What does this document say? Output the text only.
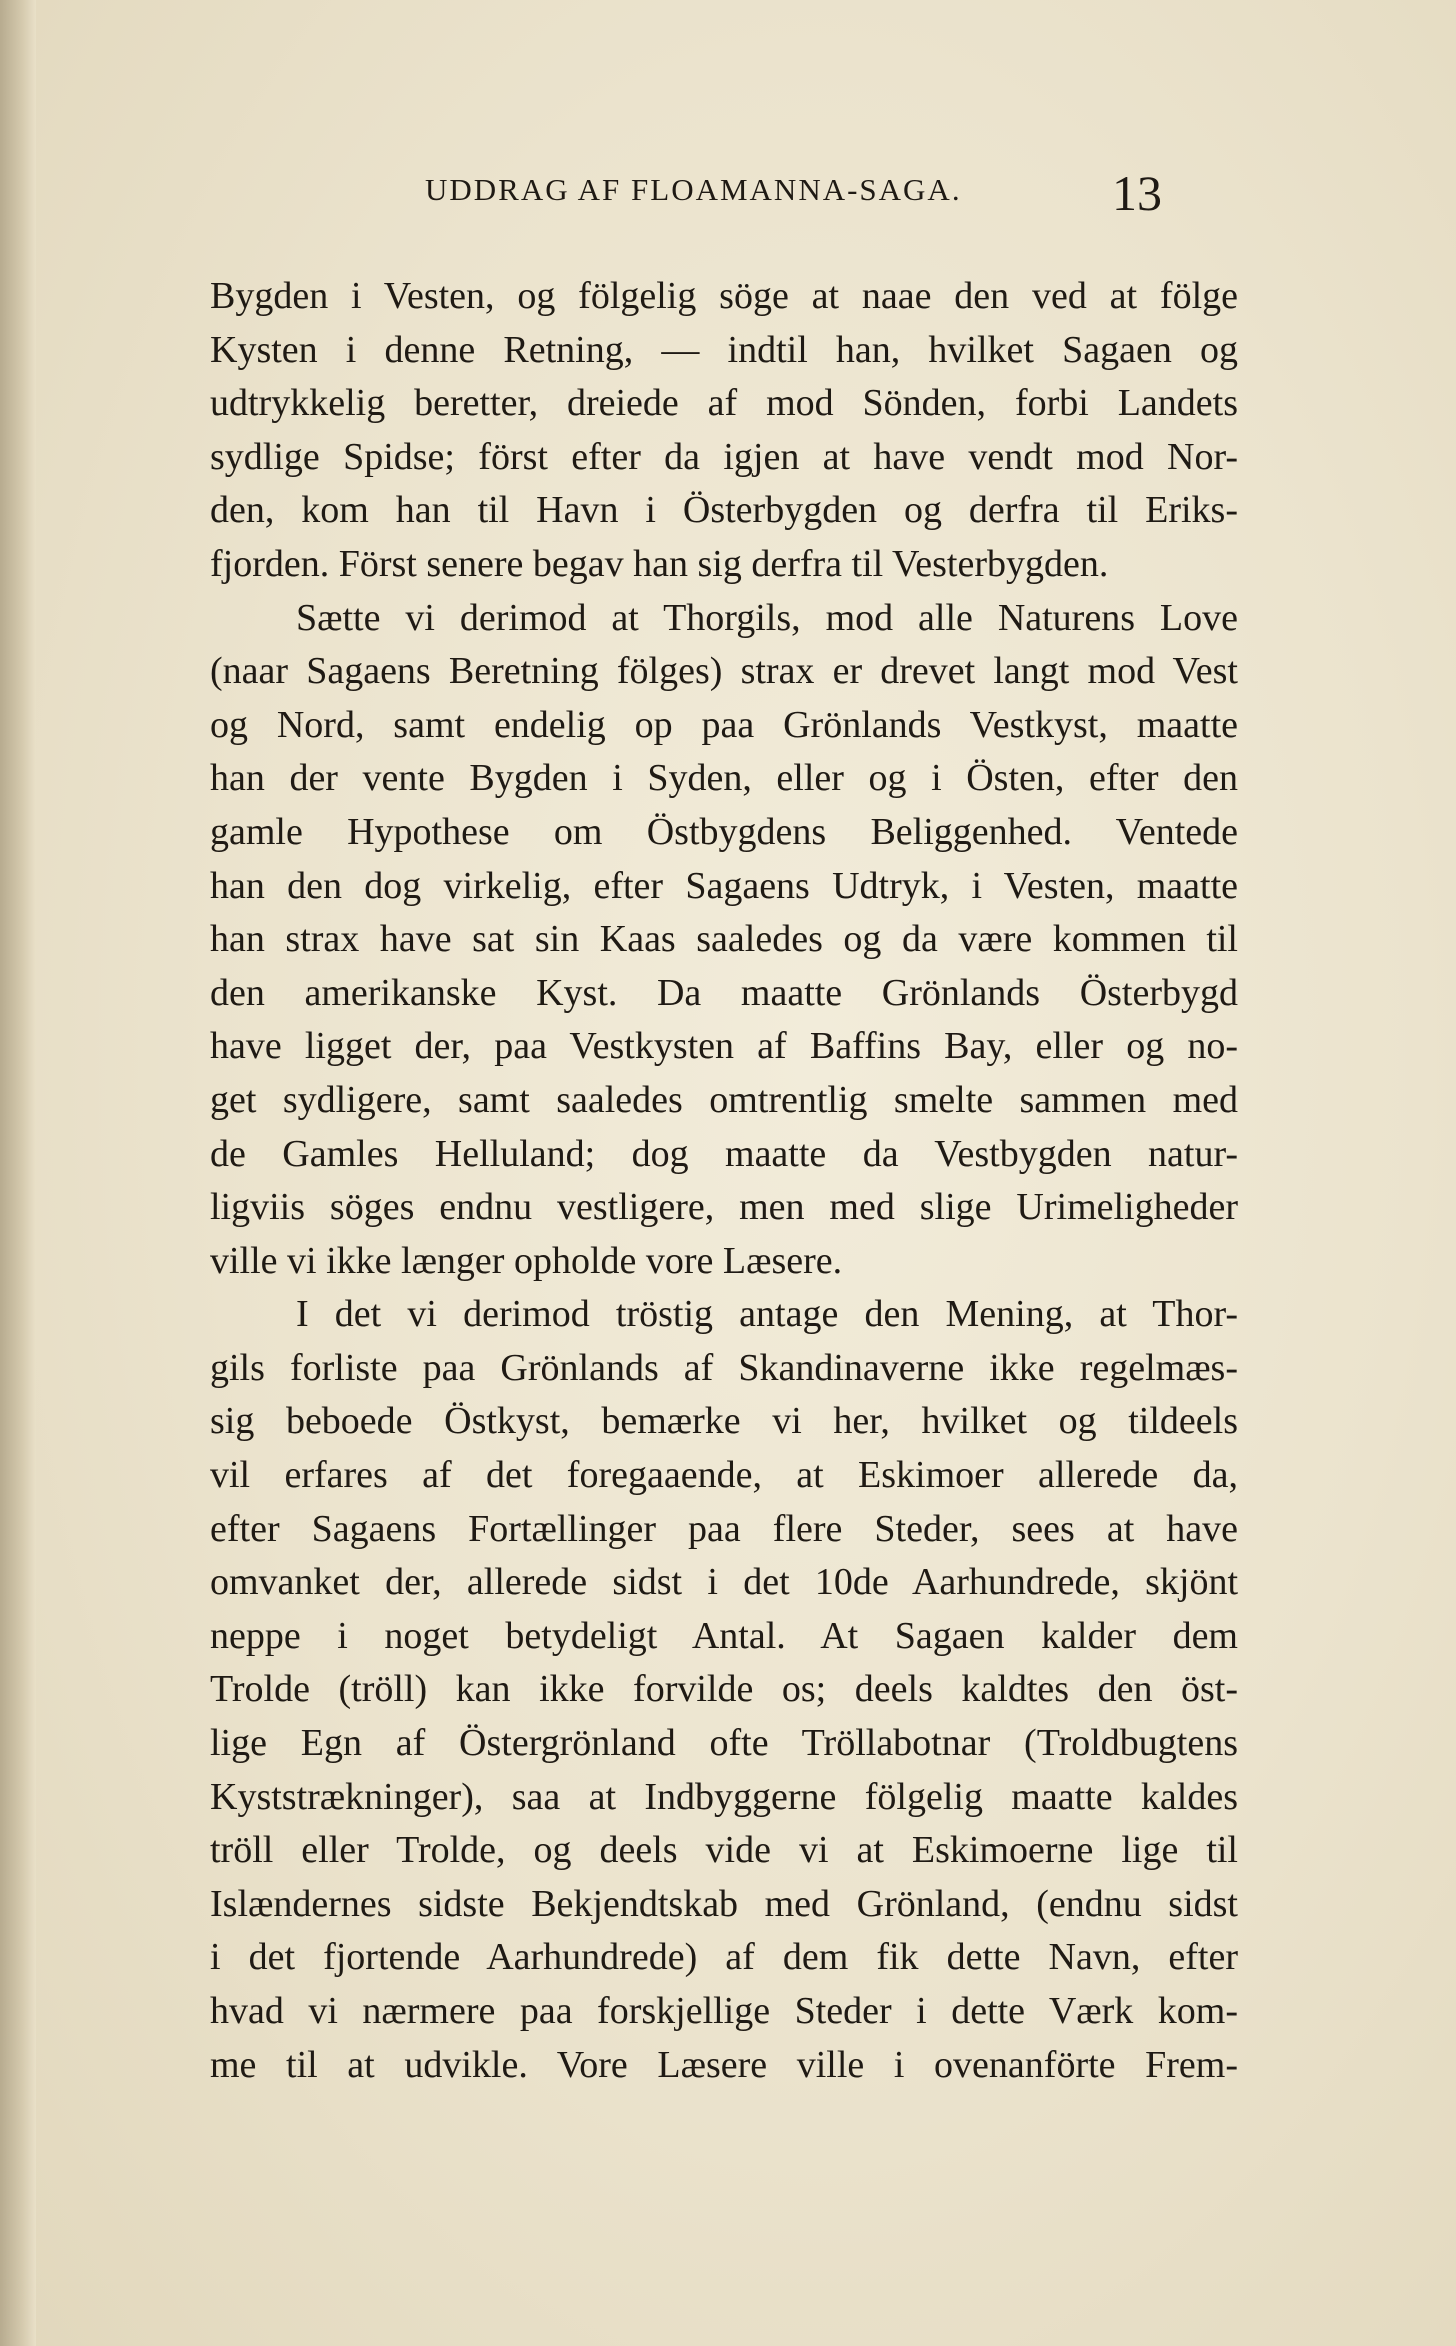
UDDRAG AF FLOAMANNA-SAGA.	13
Bygden i Vesten, og fölgelig söge at naae den ved at fölge
Kysten i denne Retning, — indtil han, hvilket Sagaen og
udtrykkelig beretter, dreiede af mod Sönden, forbi Landets
sydlige Spidse; först efter da igjen at have vendt mod Nor-
den, kom han til Havn i Österbygden og derfra til Eriks-
fjorden. Först senere begav han sig derfra til Vesterbygden.
Sætte vi derimod at Thorgils, mod alle Naturens Love
(naar Sagaens Beretning fölges) strax er drevet langt mod Vest
og Nord, samt endelig op paa Grönlands Vestkyst, maatte
han der vente Bygden i Syden, eller og i Östen, efter den
gamle Hypothese om Östbygdens Beliggenhed. Ventede
han den dog virkelig, efter Sagaens Udtryk, i Vesten, maatte
han strax have sat sin Kaas saaledes og da være kommen til
den amerikanske Kyst. Da maatte Grönlands Österbygd
have ligget der, paa Vestkysten af Baffins Bay, eller og no-
get sydligere, samt saaledes omtrentlig smelte sammen med
de Gamles Helluland; dog maatte da Vestbygden natur-
ligviis söges endnu vestligere, men med slige Urimeligheder
ville vi ikke længer opholde vore Læsere.
I det vi derimod tröstig antage den Mening, at Thor-
gils forliste paa Grönlands af Skandinaverne ikke regelmæs-
sig beboede Östkyst, bemærke vi her, hvilket og tildeels
vil erfares af det foregaaende, at Eskimoer allerede da,
efter Sagaens Fortællinger paa flere Steder, sees at have
omvanket der, allerede sidst i det 10de Aarhundrede, skjönt
neppe i noget betydeligt Antal. At Sagaen kalder dem
Trolde (tröll) kan ikke forvilde os; deels kaldtes den öst-
lige Egn af Östergrönland ofte Tröllabotnar (Troldbugtens
Kyststrækninger), saa at Indbyggerne fölgelig maatte kaldes
tröll eller Trolde, og deels vide vi at Eskimoerne lige til
Islændernes sidste Bekjendtskab med Grönland, (endnu sidst
i det fjortende Aarhundrede) af dem fik dette Navn, efter
hvad vi nærmere paa forskjellige Steder i dette Værk kom-
me til at udvikle. Vore Læsere ville i ovenanförte Frem-
